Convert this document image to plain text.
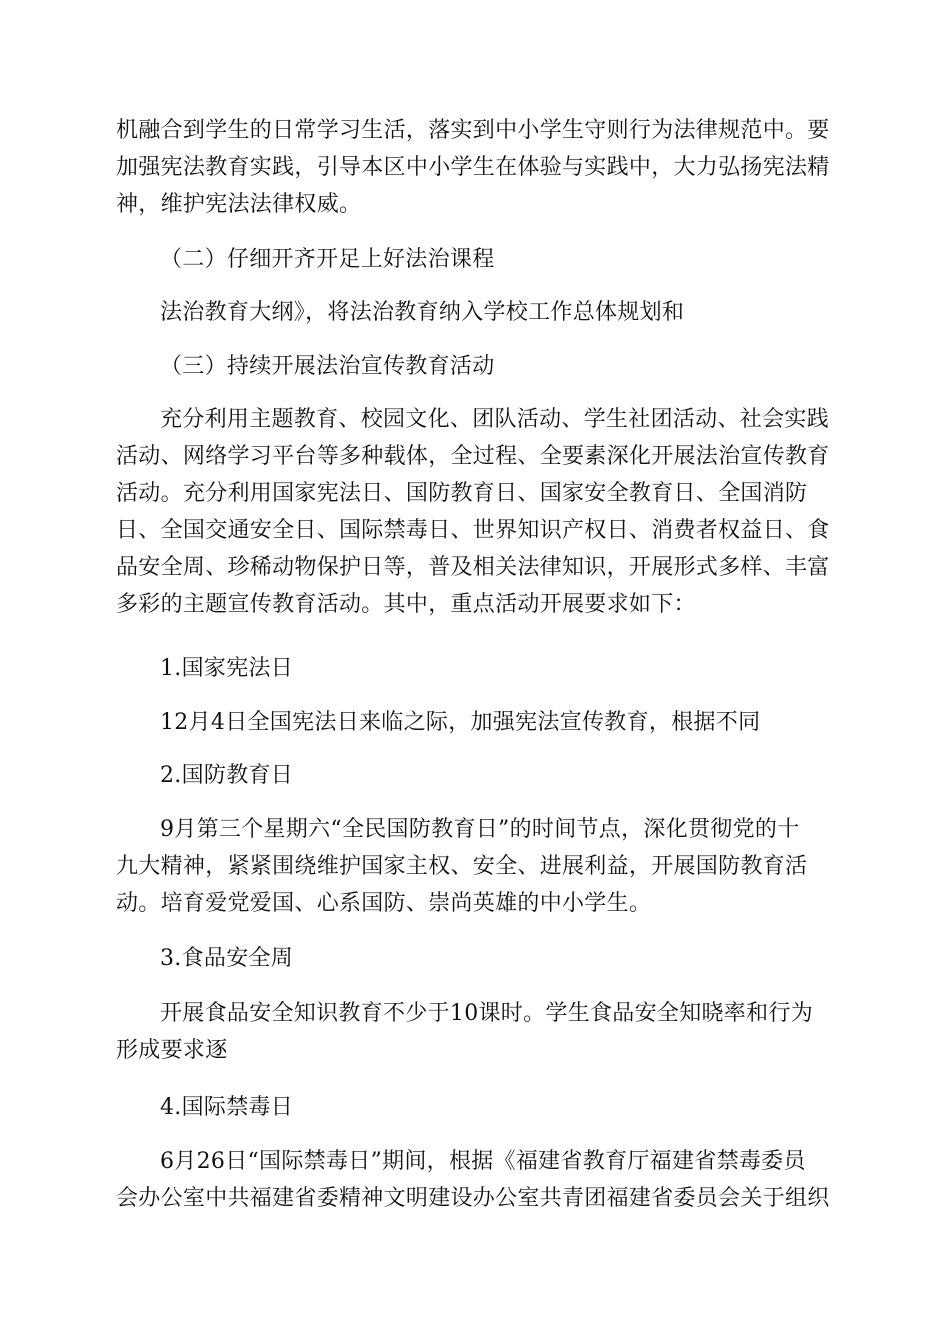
机融合到学生的日常学习生活，落实到中小学生守则行为法律规范中。要
加强宪法教育实践，引导本区中小学生在体验与实践中，大力弘扬宪法精
神，维护宪法法律权威。

（二）仔细开齐开足上好法治课程

法治教育大纲》，将法治教育纳入学校工作总体规划和

（三）持续开展法治宣传教育活动

充分利用主题教育、校园文化、团队活动、学生社团活动、社会实践
活动、网络学习平台等多种载体，全过程、全要素深化开展法治宣传教育
活动。充分利用国家宪法日、国防教育日、国家安全教育日、全国消防
日、全国交通安全日、国际禁毒日、世界知识产权日、消费者权益日、食
品安全周、珍稀动物保护日等，普及相关法律知识，开展形式多样、丰富
多彩的主题宣传教育活动。其中，重点活动开展要求如下：

1.国家宪法日

12月4日全国宪法日来临之际，加强宪法宣传教育，根据不同

2.国防教育日

9月第三个星期六“全民国防教育日”的时间节点，深化贯彻党的十
九大精神，紧紧围绕维护国家主权、安全、进展利益，开展国防教育活
动。培育爱党爱国、心系国防、崇尚英雄的中小学生。

3.食品安全周

开展食品安全知识教育不少于10课时。学生食品安全知晓率和行为
形成要求逐

4.国际禁毒日

6月26日“国际禁毒日”期间，根据《福建省教育厅福建省禁毒委员
会办公室中共福建省委精神文明建设办公室共青团福建省委员会关于组织
